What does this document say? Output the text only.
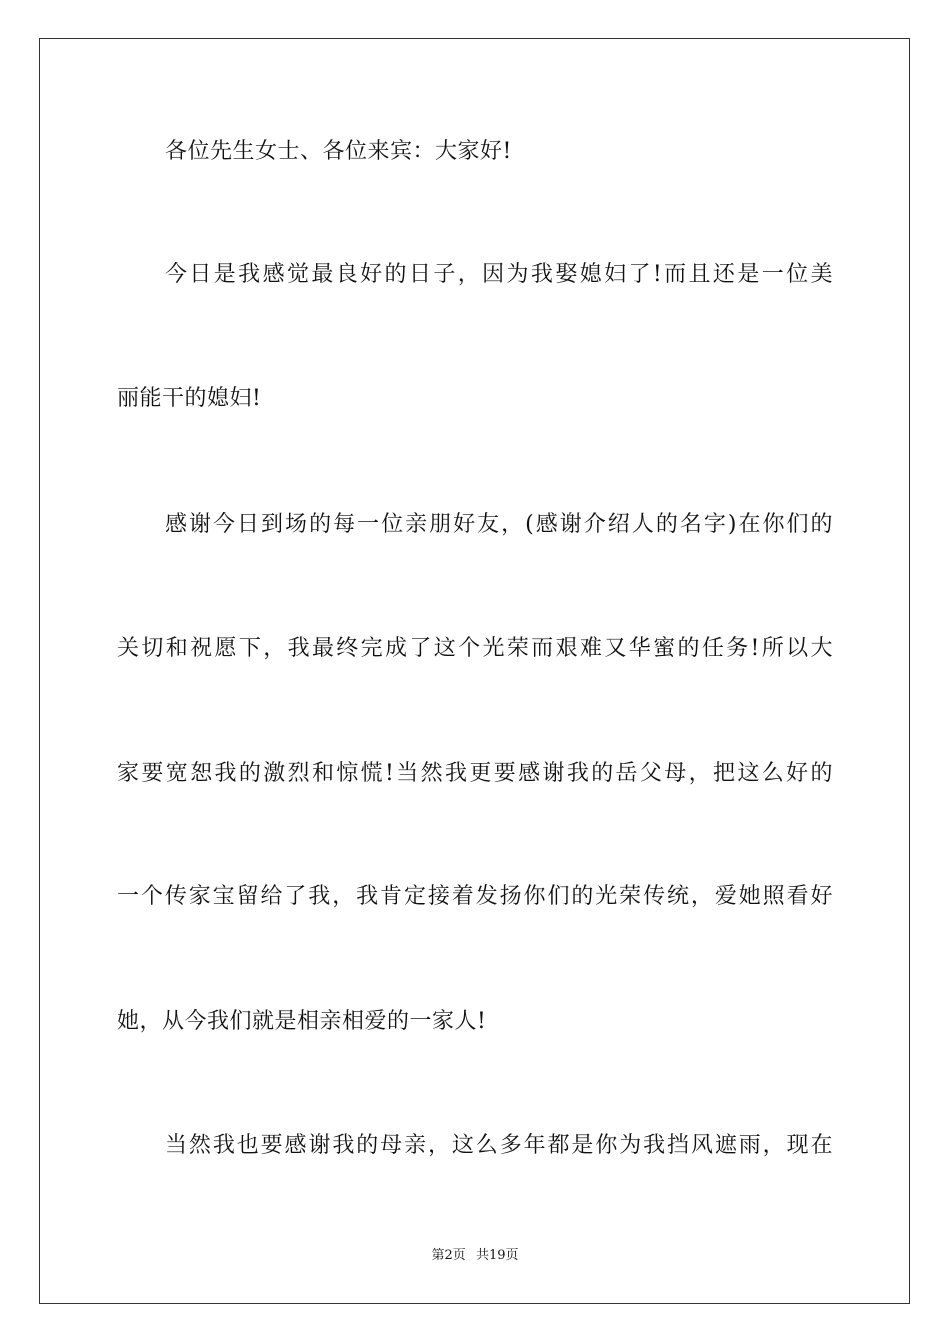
各位先生女士、各位来宾：大家好!
今日是我感觉最良好的日子，因为我娶媳妇了!而且还是一位美
丽能干的媳妇!
感谢今日到场的每一位亲朋好友，(感谢介绍人的名字)在你们的
关切和祝愿下，我最终完成了这个光荣而艰难又华蜜的任务!所以大
家要宽恕我的激烈和惊慌!当然我更要感谢我的岳父母，把这么好的
一个传家宝留给了我，我肯定接着发扬你们的光荣传统，爱她照看好
她，从今我们就是相亲相爱的一家人!
当然我也要感谢我的母亲，这么多年都是你为我挡风遮雨，现在
第2页 共19页
